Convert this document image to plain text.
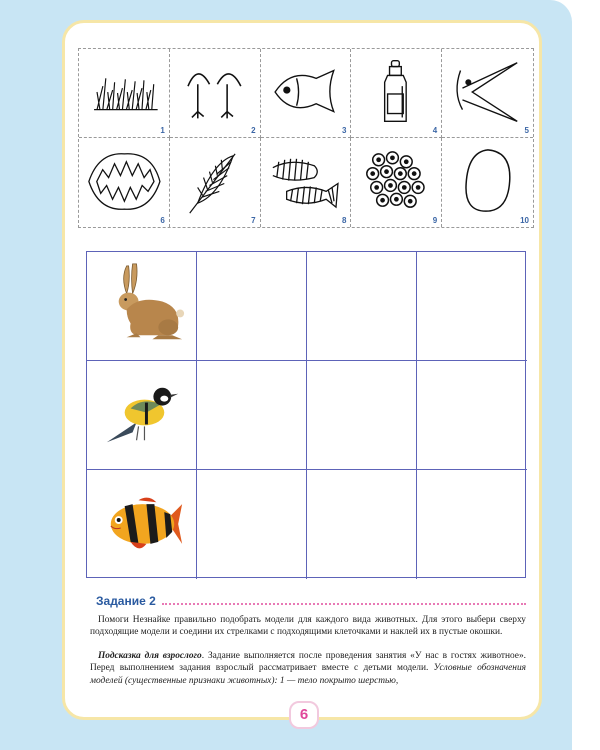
1	2	3	4	5
6	7	8	9	10
Задание 2

Помоги Незнайке правильно подобрать модели для каждого вида животных. Для этого выбери сверху подходящие модели и соедини их стрелками с подходящими клеточками и наклей их в пустые окошки.

Подсказка для взрослого. Задание выполняется после проведения занятия «У нас в гостях животное». Перед выполнением задания взрослый рассматривает вместе с детьми модели. Условные обозначения моделей (существенные признаки животных): 1 — тело покрыто шерстью,

6
